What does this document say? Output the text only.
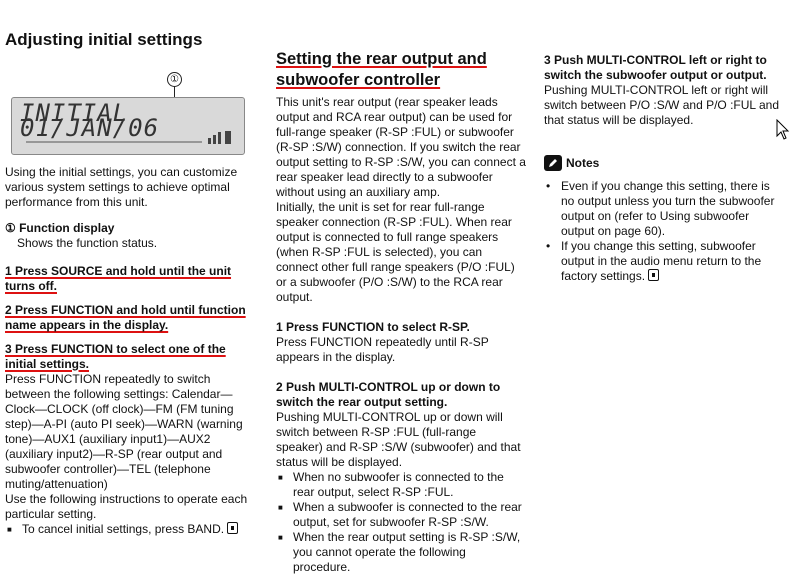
Adjusting initial settings
①
INITIAL 01/JAN/06

Using the initial settings, you can customize various system settings to achieve optimal performance from this unit.

① Function display

Shows the function status.

1 Press SOURCE and hold until the unit turns off.

2 Press FUNCTION and hold until function name appears in the display.

3 Press FUNCTION to select one of the initial settings.

Press FUNCTION repeatedly to switch between the following settings: Calendar—Clock—CLOCK (off clock)—FM (FM tuning step)—A-PI (auto PI seek)—WARN (warning tone)—AUX1 (auxiliary input1)—AUX2 (auxiliary input2)—R-SP (rear output and subwoofer controller)—TEL (telephone muting/attenuation)

Use the following instructions to operate each particular setting.

■ To cancel initial settings, press BAND.
Setting the rear output and subwoofer controller

This unit's rear output (rear speaker leads output and RCA rear output) can be used for full-range speaker (R-SP :FUL) or subwoofer (R-SP :S/W) connection. If you switch the rear output setting to R-SP :S/W, you can connect a rear speaker lead directly to a subwoofer without using an auxiliary amp.

Initially, the unit is set for rear full-range speaker connection (R-SP :FUL). When rear output is connected to full range speakers (when R-SP :FUL is selected), you can connect other full range speakers (P/O :FUL) or a subwoofer (P/O :S/W) to the RCA rear output.

1 Press FUNCTION to select R-SP.

Press FUNCTION repeatedly until R-SP appears in the display.

2 Push MULTI-CONTROL up or down to switch the rear output setting.

Pushing MULTI-CONTROL up or down will switch between R-SP :FUL (full-range speaker) and R-SP :S/W (subwoofer) and that status will be displayed.

■ When no subwoofer is connected to the rear output, select R-SP :FUL.
■ When a subwoofer is connected to the rear output, set for subwoofer R-SP :S/W.
■ When the rear output setting is R-SP :S/W, you cannot operate the following procedure.

3 Push MULTI-CONTROL left or right to switch the subwoofer output or output.

Pushing MULTI-CONTROL left or right will switch between P/O :S/W and P/O :FUL and that status will be displayed.

Notes
• Even if you change this setting, there is no output unless you turn the subwoofer output on (refer to Using subwoofer output on page 60).
• If you change this setting, subwoofer output in the audio menu return to the factory settings.
